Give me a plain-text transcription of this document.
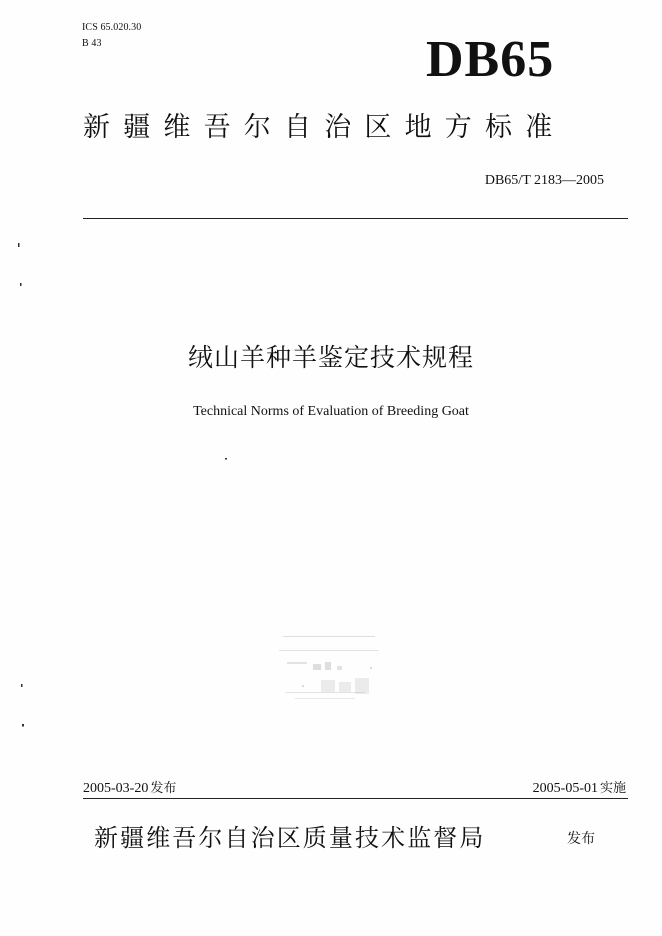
ICS 65.020.30
B 43	DB65
新疆维吾尔自治区地方标准
DB65/T 2183—2005
绒山羊种羊鉴定技术规程
Technical Norms of Evaluation of Breeding Goat
2005-03-20 发布	2005-05-01 实施
新疆维吾尔自治区质量技术监督局	发布
